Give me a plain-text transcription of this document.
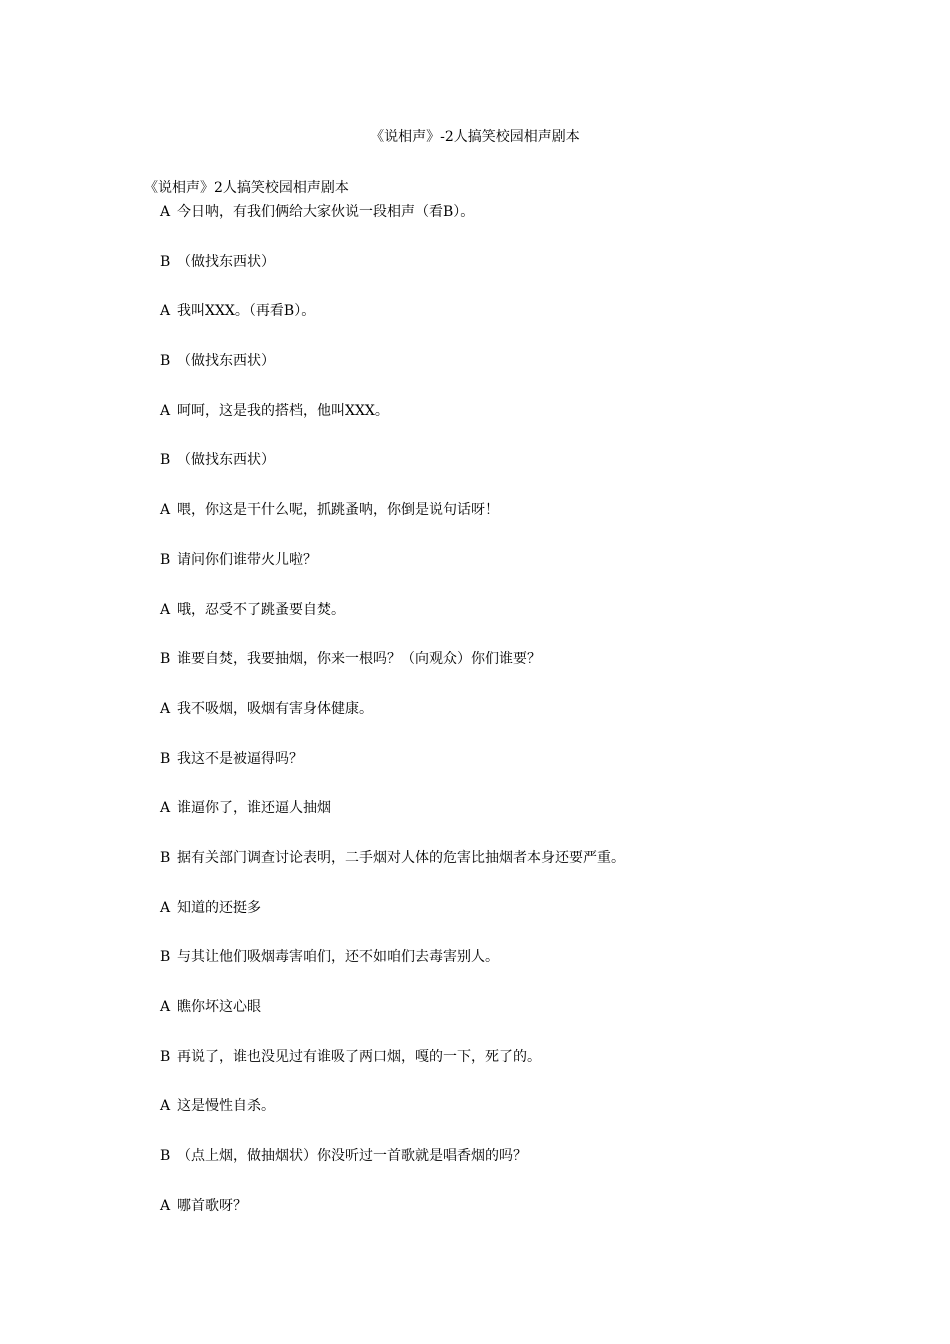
《说相声》-2人搞笑校园相声剧本
《说相声》2人搞笑校园相声剧本
A 今日呐，有我们俩给大家伙说一段相声（看B）。
B （做找东西状）
A 我叫XXX。（再看B）。
B （做找东西状）
A 呵呵，这是我的搭档，他叫XXX。
B （做找东西状）
A 喂，你这是干什么呢，抓跳蚤呐，你倒是说句话呀！
B 请问你们谁带火儿啦？
A 哦，忍受不了跳蚤要自焚。
B 谁要自焚，我要抽烟，你来一根吗？（向观众）你们谁要？
A 我不吸烟，吸烟有害身体健康。
B 我这不是被逼得吗？
A 谁逼你了，谁还逼人抽烟
B 据有关部门调查讨论表明，二手烟对人体的危害比抽烟者本身还要严重。
A 知道的还挺多
B 与其让他们吸烟毒害咱们，还不如咱们去毒害别人。
A 瞧你坏这心眼
B 再说了，谁也没见过有谁吸了两口烟，嘎的一下，死了的。
A 这是慢性自杀。
B （点上烟，做抽烟状）你没听过一首歌就是唱香烟的吗？
A 哪首歌呀？
